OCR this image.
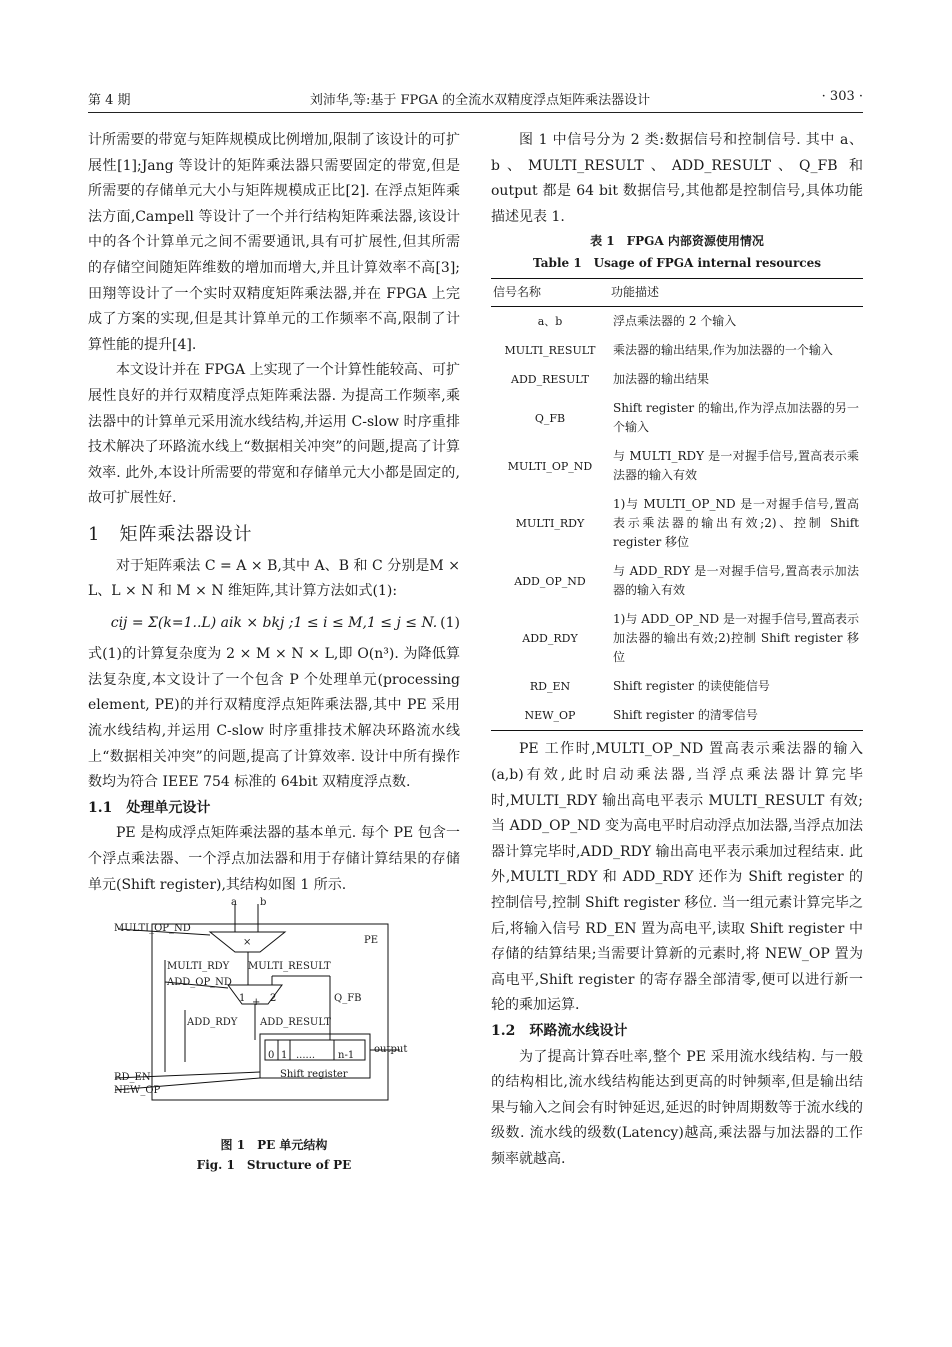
第 4 期	刘沛华,等:基于 FPGA 的全流水双精度浮点矩阵乘法器设计	· 303 ·

计所需要的带宽与矩阵规模成比例增加,限制了该设计的可扩展性[1];Jang 等设计的矩阵乘法器只需要固定的带宽,但是所需要的存储单元大小与矩阵规模成正比[2]. 在浮点矩阵乘法方面,Campell 等设计了一个并行结构矩阵乘法器,该设计中的各个计算单元之间不需要通讯,具有可扩展性,但其所需的存储空间随矩阵维数的增加而增大,并且计算效率不高[3];田翔等设计了一个实时双精度矩阵乘法器,并在 FPGA 上完成了方案的实现,但是其计算单元的工作频率不高,限制了计算性能的提升[4].

本文设计并在 FPGA 上实现了一个计算性能较高、可扩展性良好的并行双精度浮点矩阵乘法器. 为提高工作频率,乘法器中的计算单元采用流水线结构,并运用 C-slow 时序重排技术解决了环路流水线上“数据相关冲突”的问题,提高了计算效率. 此外,本设计所需要的带宽和存储单元大小都是固定的,故可扩展性好.

1　矩阵乘法器设计

对于矩阵乘法 C = A × B,其中 A、B 和 C 分别是M × L、L × N 和 M × N 维矩阵,其计算方法如式(1):

cij = Σ(k=1..L) aik × bkj ;1 ≤ i ≤ M,1 ≤ j ≤ N. (1)

式(1)的计算复杂度为 2 × M × N × L,即 O(n³). 为降低算法复杂度,本文设计了一个包含 P 个处理单元(processing element, PE)的并行双精度浮点矩阵乘法器,其中 PE 采用流水线结构,并运用 C-slow 时序重排技术解决环路流水线上“数据相关冲突”的问题,提高了计算效率. 设计中所有操作数均为符合 IEEE 754 标准的 64bit 双精度浮点数.

1.1　处理单元设计

PE 是构成浮点矩阵乘法器的基本单元. 每个 PE 包含一个浮点乘法器、一个浮点加法器和用于存储计算结果的存储单元(Shift register),其结构如图 1 所示.

a b
MULTI_OP_ND
PE
×
MULTI_RDY MULTI_RESULT
ADD_OP_ND
1 + 2	Q_FB
ADD_RDY ADD_RESULT
0 1 ...... n-1
output
Shift register
RD_EN
NEW_OP
图 1　PE 单元结构
Fig. 1　Structure of PE

图 1 中信号分为 2 类:数据信号和控制信号. 其中 a、b、MULTI_RESULT、ADD_RESULT、Q_FB 和 output 都是 64 bit 数据信号,其他都是控制信号,具体功能描述见表 1.

表 1　FPGA 内部资源使用情况
Table 1　Usage of FPGA internal resources
信号名称	功能描述
a、b	浮点乘法器的 2 个输入
MULTI_RESULT	乘法器的输出结果,作为加法器的一个输入
ADD_RESULT	加法器的输出结果
Q_FB	Shift register 的输出,作为浮点加法器的另一个输入
MULTI_OP_ND	与 MULTI_RDY 是一对握手信号,置高表示乘法器的输入有效
MULTI_RDY	1)与 MULTI_OP_ND 是一对握手信号,置高表示乘法器的输出有效;2)、控制 Shift register 移位
ADD_OP_ND	与 ADD_RDY 是一对握手信号,置高表示加法器的输入有效
ADD_RDY	1)与 ADD_OP_ND 是一对握手信号,置高表示加法器的输出有效;2)控制 Shift register 移位
RD_EN	Shift register 的读使能信号
NEW_OP	Shift register 的清零信号

PE 工作时,MULTI_OP_ND 置高表示乘法器的输入(a,b)有效,此时启动乘法器,当浮点乘法器计算完毕时,MULTI_RDY 输出高电平表示 MULTI_RESULT 有效;当 ADD_OP_ND 变为高电平时启动浮点加法器,当浮点加法器计算完毕时,ADD_RDY 输出高电平表示乘加过程结束. 此外,MULTI_RDY 和 ADD_RDY 还作为 Shift register 的控制信号,控制 Shift register 移位. 当一组元素计算完毕之后,将输入信号 RD_EN 置为高电平,读取 Shift register 中存储的结算结果;当需要计算新的元素时,将 NEW_OP 置为高电平,Shift register 的寄存器全部清零,便可以进行新一轮的乘加运算.

1.2　环路流水线设计

为了提高计算吞吐率,整个 PE 采用流水线结构. 与一般的结构相比,流水线结构能达到更高的时钟频率,但是输出结果与输入之间会有时钟延迟,延迟的时钟周期数等于流水线的级数. 流水线的级数(Latency)越高,乘法器与加法器的工作频率就越高.
